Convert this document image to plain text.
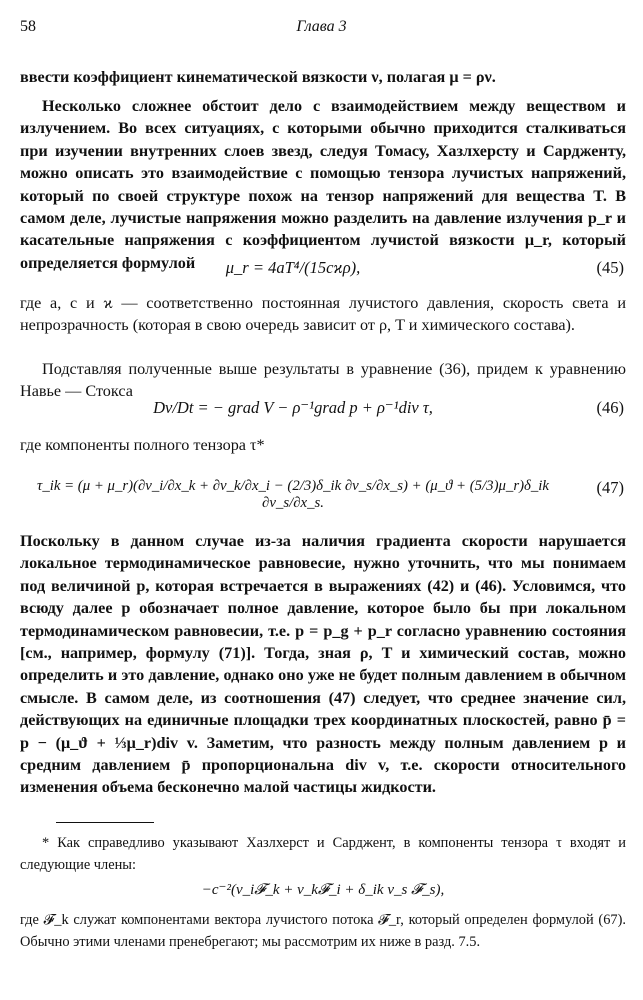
58	Глава 3

ввести коэффициент кинематической вязкости ν, полагая μ = ρν.

Несколько сложнее обстоит дело с взаимодействием между веществом и излучением. Во всех ситуациях, с которыми обычно приходится сталкиваться при изучении внутренних слоев звезд, следуя Томасу, Хазлхерсту и Сардженту, можно описать это взаимодействие с помощью тензора лучистых напряжений, который по своей структуре похож на тензор напряжений для вещества T. В самом деле, лучистые напряжения можно разделить на давление излучения p_r и касательные напряжения с коэффициентом лучистой вязкости μ_r, который определяется формулой	μ_r = 4aT⁴/(15cϰρ),	(45)

где a, c и ϰ — соответственно постоянная лучистого давления, скорость света и непрозрачность (которая в свою очередь зависит от ρ, T и химического состава).

Подставляя полученные выше результаты в уравнение (36), придем к уравнению Навье — Стокса

Dv/Dt = − grad V − ρ⁻¹grad p + ρ⁻¹div τ,	(46)

где компоненты полного тензора τ*

τ_ik = (μ + μ_r)(∂v_i/∂x_k + ∂v_k/∂x_i − (2/3)δ_ik ∂v_s/∂x_s) + (μ_ϑ + (5/3)μ_r)δ_ik ∂v_s/∂x_s.
(47)

Поскольку в данном случае из-за наличия градиента скорости нарушается локальное термодинамическое равновесие, нужно уточнить, что мы понимаем под величиной p, которая встречается в выражениях (42) и (46). Условимся, что всюду далее p обозначает полное давление, которое было бы при локальном термодинамическом равновесии, т.е. p = p_g + p_r согласно уравнению состояния [см., например, формулу (71)]. Тогда, зная ρ, T и химический состав, можно определить и это давление, однако оно уже не будет полным давлением в обычном смысле. В самом деле, из соотношения (47) следует, что среднее значение сил, действующих на единичные площадки трех координатных плоскостей, равно p̄ = p − (μ_ϑ + ⅓μ_r)div v. Заметим, что разность между полным давлением p и средним давлением p̄ пропорциональна div v, т.е. скорости относительного изменения объема бесконечно малой частицы жидкости.

* Как справедливо указывают Хазлхерст и Сарджент, в компоненты тензора τ входят и следующие члены:

−c⁻²(v_i𝓕_k + v_k𝓕_i + δ_ik v_s 𝓕_s),

где 𝓕_k служат компонентами вектора лучистого потока 𝓕_r, который определен формулой (67). Обычно этими членами пренебрегают; мы рассмотрим их ниже в разд. 7.5.
